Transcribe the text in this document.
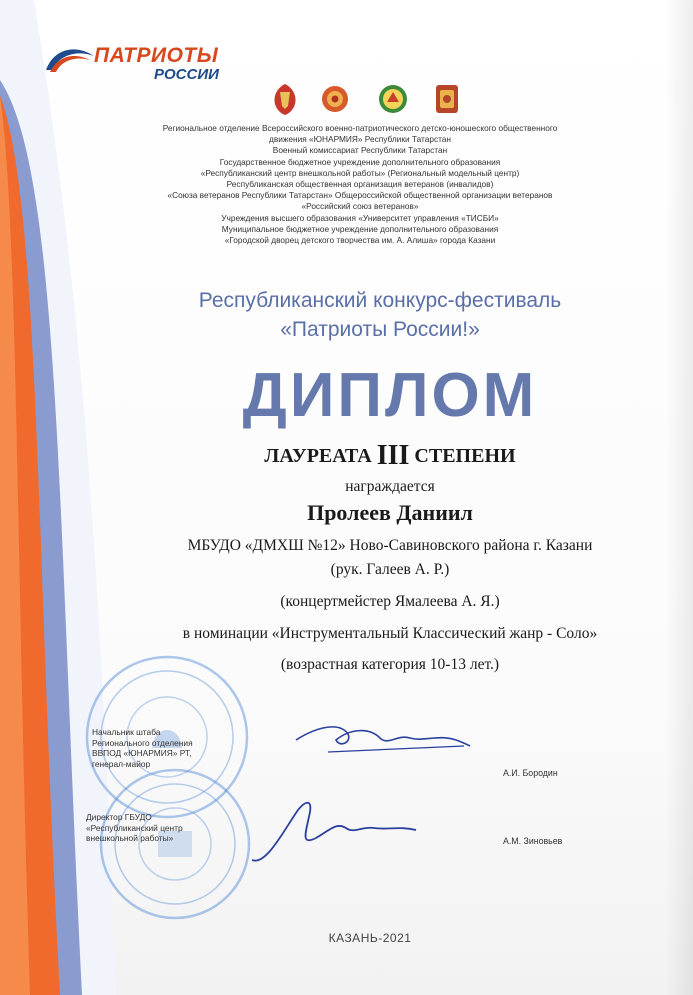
ПАТРИОТЫ
РОССИИ
Региональное отделение Всероссийского военно-патриотического детско-юношеского общественного
движения «ЮНАРМИЯ» Республики Татарстан
Военный комиссариат Республики Татарстан
Государственное бюджетное учреждение дополнительного образования
«Республиканский центр внешкольной работы» (Региональный модельный центр)
Республиканская общественная организация ветеранов (инвалидов)
«Союза ветеранов Республики Татарстан» Общероссийской общественной организации ветеранов
«Российский союз ветеранов»
Учреждения высшего образования «Университет управления «ТИСБИ»
Муниципальное бюджетное учреждение дополнительного образования
«Городской дворец детского творчества им. А. Алиша» города Казани
Республиканский конкурс-фестиваль
«Патриоты России!»
ДИПЛОМ
ЛАУРЕАТА III СТЕПЕНИ
награждается
Пролеев Даниил
МБУДО «ДМХШ №12» Ново-Савиновского района г. Казани
(рук. Галеев А. Р.)
(концертмейстер Ямалеева А. Я.)
в номинации «Инструментальный Классический жанр - Соло»
(возрастная категория 10-13 лет.)
Начальник штаба
Регионального отделения
ВВПОД «ЮНАРМИЯ» РТ,
генерал-майор
А.И. Бородин
Директор ГБУДО
«Республиканский центр
внешкольной работы»	А.М. Зиновьев
КАЗАНЬ-2021
